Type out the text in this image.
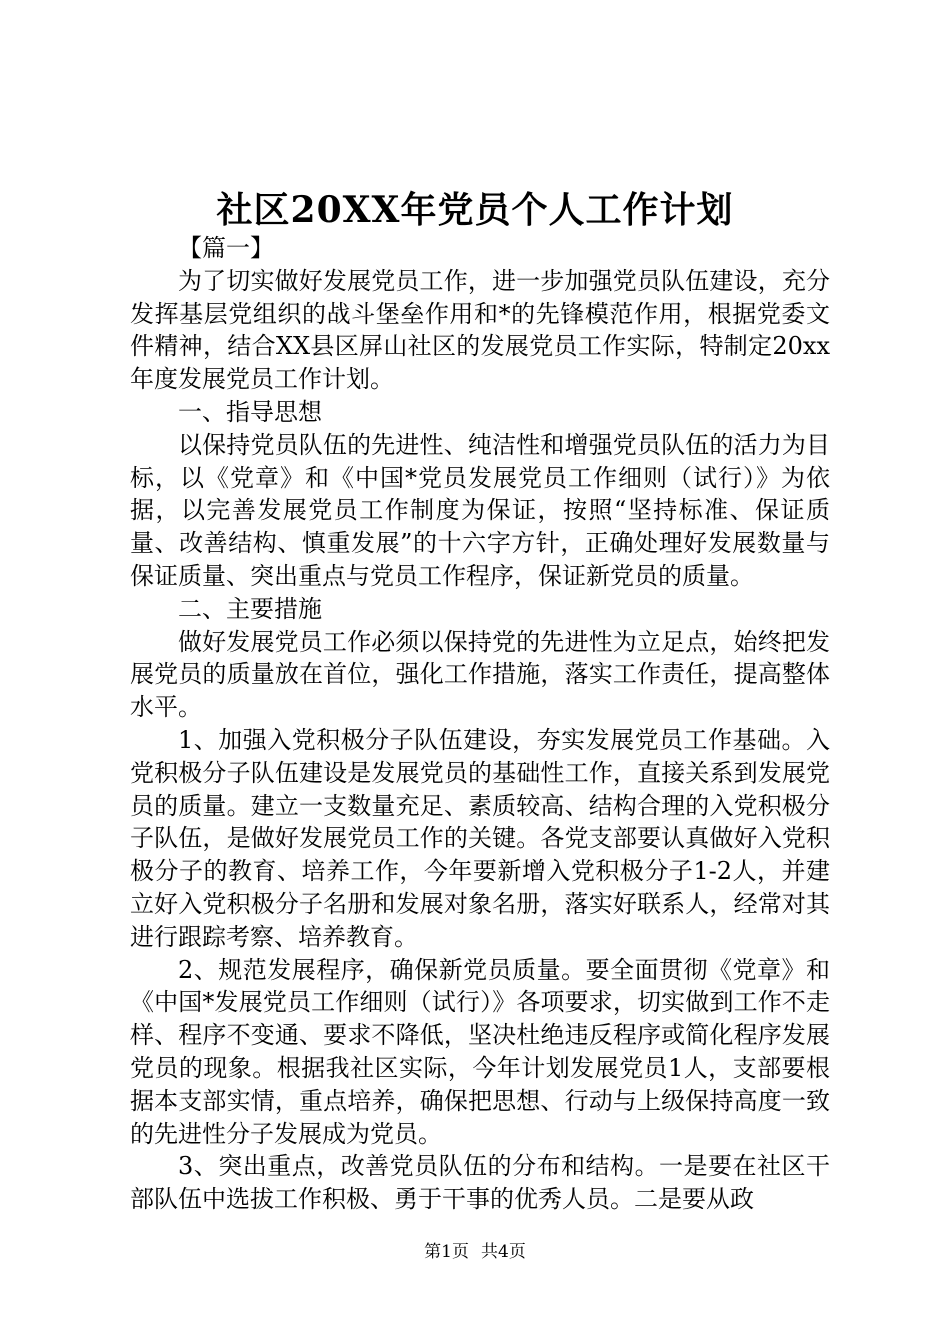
社区20XX年党员个人工作计划

【篇一】

为了切实做好发展党员工作，进一步加强党员队伍建设，充分发挥基层党组织的战斗堡垒作用和*的先锋模范作用，根据党委文件精神，结合XX县区屏山社区的发展党员工作实际，特制定20xx年度发展党员工作计划。

一、指导思想

以保持党员队伍的先进性、纯洁性和增强党员队伍的活力为目标，以《党章》和《中国*党员发展党员工作细则（试行）》为依据，以完善发展党员工作制度为保证，按照“坚持标准、保证质量、改善结构、慎重发展”的十六字方针，正确处理好发展数量与保证质量、突出重点与党员工作程序，保证新党员的质量。

二、主要措施

做好发展党员工作必须以保持党的先进性为立足点，始终把发展党员的质量放在首位，强化工作措施，落实工作责任，提高整体水平。

1、加强入党积极分子队伍建设，夯实发展党员工作基础。入党积极分子队伍建设是发展党员的基础性工作，直接关系到发展党员的质量。建立一支数量充足、素质较高、结构合理的入党积极分子队伍，是做好发展党员工作的关键。各党支部要认真做好入党积极分子的教育、培养工作，今年要新增入党积极分子1-2人，并建立好入党积极分子名册和发展对象名册，落实好联系人，经常对其进行跟踪考察、培养教育。

2、规范发展程序，确保新党员质量。要全面贯彻《党章》和《中国*发展党员工作细则（试行）》各项要求，切实做到工作不走样、程序不变通、要求不降低，坚决杜绝违反程序或简化程序发展党员的现象。根据我社区实际，今年计划发展党员1人，支部要根据本支部实情，重点培养，确保把思想、行动与上级保持高度一致的先进性分子发展成为党员。

3、突出重点，改善党员队伍的分布和结构。一是要在社区干部队伍中选拔工作积极、勇于干事的优秀人员。二是要从政

第1页 共4页
